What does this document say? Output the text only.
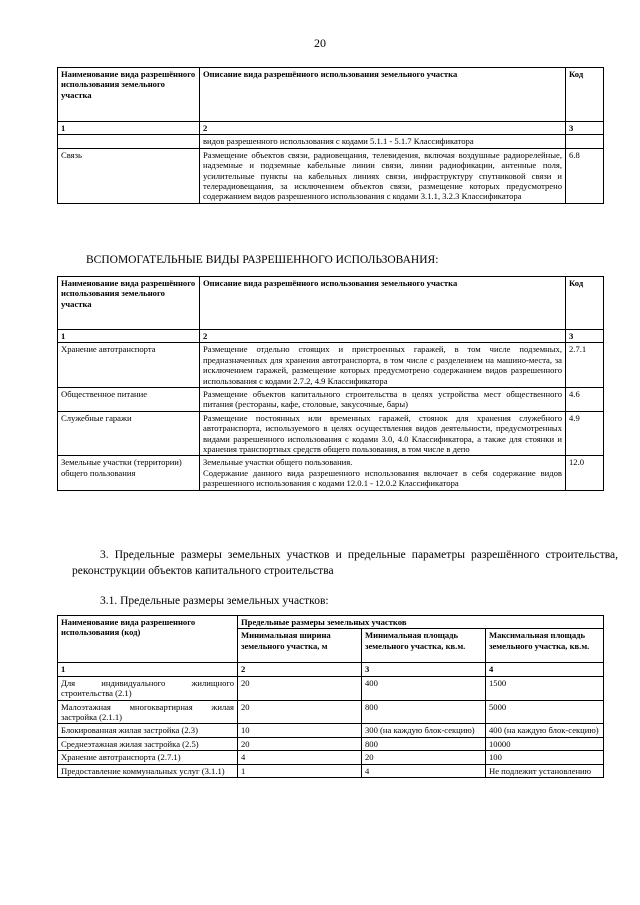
20
Наименование вида разрешённого использования земельного участка	Описание вида разрешённого использования земельного участка	Код
1	2	3
	видов разрешенного использования с кодами 5.1.1 - 5.1.7 Классификатора	
Связь	Размещение объектов связи, радиовещания, телевидения, включая воздушные радиорелейные, надземные и подземные кабельные линии связи, линии радиофикации, антенные поля, усилительные пункты на кабельных линиях связи, инфраструктуру спутниковой связи и телерадиовещания, за исключением объектов связи, размещение которых предусмотрено содержанием видов разрешенного использования с кодами 3.1.1, 3.2.3 Классификатора	6.8
ВСПОМОГАТЕЛЬНЫЕ ВИДЫ РАЗРЕШЕННОГО ИСПОЛЬЗОВАНИЯ:
Наименование вида разрешённого использования земельного участка	Описание вида разрешённого использования земельного участка	Код
1	2	3
Хранение автотранспорта	Размещение отдельно стоящих и пристроенных гаражей, в том числе подземных, предназначенных для хранения автотранспорта, в том числе с разделением на машино-места, за исключением гаражей, размещение которых предусмотрено содержанием видов разрешенного использования с кодами 2.7.2, 4.9 Классификатора	2.7.1
Общественное питание	Размещение объектов капитального строительства в целях устройства мест общественного питания (рестораны, кафе, столовые, закусочные, бары)	4.6
Служебные гаражи	Размещение постоянных или временных гаражей, стоянок для хранения служебного автотранспорта, используемого в целях осуществления видов деятельности, предусмотренных видами разрешенного использования с кодами 3.0, 4.0 Классификатора, а также для стоянки и хранения транспортных средств общего пользования, в том числе в депо	4.9
Земельные участки (территории) общего пользования	Земельные участки общего пользования.
Содержание данного вида разрешенного использования включает в себя содержание видов разрешенного использования с кодами 12.0.1 - 12.0.2 Классификатора	12.0
3. Предельные размеры земельных участков и предельные параметры разрешённого строительства, реконструкции объектов капитального строительства
3.1. Предельные размеры земельных участков:
Наименование вида разрешенного использования (код)	Предельные размеры земельных участков		
	Минимальная ширина земельного участка, м	Минимальная площадь земельного участка, кв.м.	Максимальная площадь земельного участка, кв.м.
1	2	3	4
Для индивидуального жилищного строительства (2.1)	20	400	1500
Малоэтажная многоквартирная жилая застройка (2.1.1)	20	800	5000
Блокированная жилая застройка (2.3)	10	300 (на каждую блок-секцию)	400 (на каждую блок-секцию)
Среднеэтажная жилая застройка (2.5)	20	800	10000
Хранение автотранспорта (2.7.1)	4	20	100
Предоставление коммунальных услуг (3.1.1)	1	4	Не подлежит установлению
